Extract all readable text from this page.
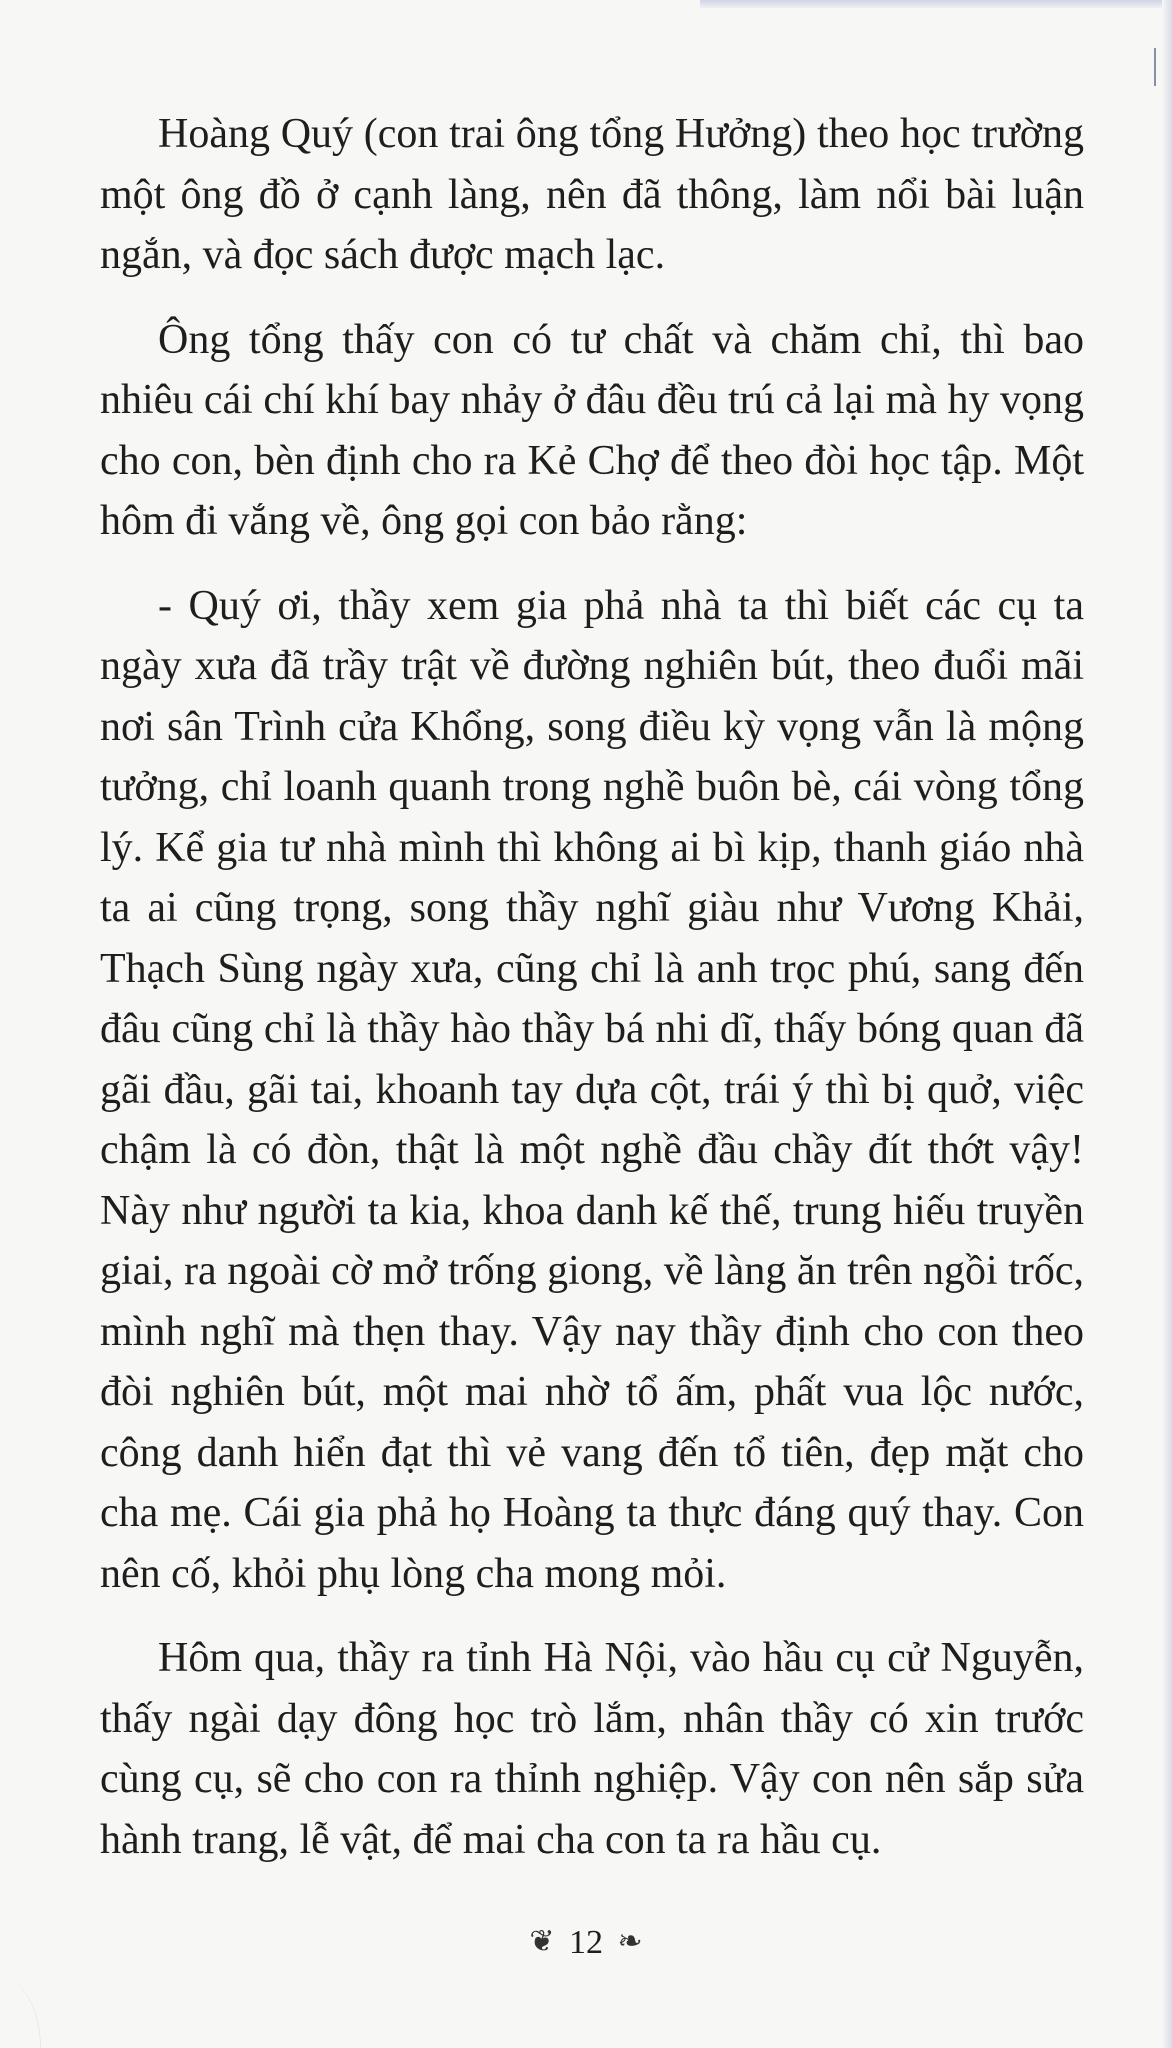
Hoàng Quý (con trai ông tổng Hưởng) theo học trường một ông đồ ở cạnh làng, nên đã thông, làm nổi bài luận ngắn, và đọc sách được mạch lạc.

Ông tổng thấy con có tư chất và chăm chỉ, thì bao nhiêu cái chí khí bay nhảy ở đâu đều trú cả lại mà hy vọng cho con, bèn định cho ra Kẻ Chợ để theo đòi học tập. Một hôm đi vắng về, ông gọi con bảo rằng:

- Quý ơi, thầy xem gia phả nhà ta thì biết các cụ ta ngày xưa đã trầy trật về đường nghiên bút, theo đuổi mãi nơi sân Trình cửa Khổng, song điều kỳ vọng vẫn là mộng tưởng, chỉ loanh quanh trong nghề buôn bè, cái vòng tổng lý. Kể gia tư nhà mình thì không ai bì kịp, thanh giáo nhà ta ai cũng trọng, song thầy nghĩ giàu như Vương Khải, Thạch Sùng ngày xưa, cũng chỉ là anh trọc phú, sang đến đâu cũng chỉ là thầy hào thầy bá nhi dĩ, thấy bóng quan đã gãi đầu, gãi tai, khoanh tay dựa cột, trái ý thì bị quở, việc chậm là có đòn, thật là một nghề đầu chầy đít thớt vậy! Này như người ta kia, khoa danh kế thế, trung hiếu truyền giai, ra ngoài cờ mở trống giong, về làng ăn trên ngồi trốc, mình nghĩ mà thẹn thay. Vậy nay thầy định cho con theo đòi nghiên bút, một mai nhờ tổ ấm, phất vua lộc nước, công danh hiển đạt thì vẻ vang đến tổ tiên, đẹp mặt cho cha mẹ. Cái gia phả họ Hoàng ta thực đáng quý thay. Con nên cố, khỏi phụ lòng cha mong mỏi.

Hôm qua, thầy ra tỉnh Hà Nội, vào hầu cụ cử Nguyễn, thấy ngài dạy đông học trò lắm, nhân thầy có xin trước cùng cụ, sẽ cho con ra thỉnh nghiệp. Vậy con nên sắp sửa hành trang, lễ vật, để mai cha con ta ra hầu cụ.

❦ 12 ❧
